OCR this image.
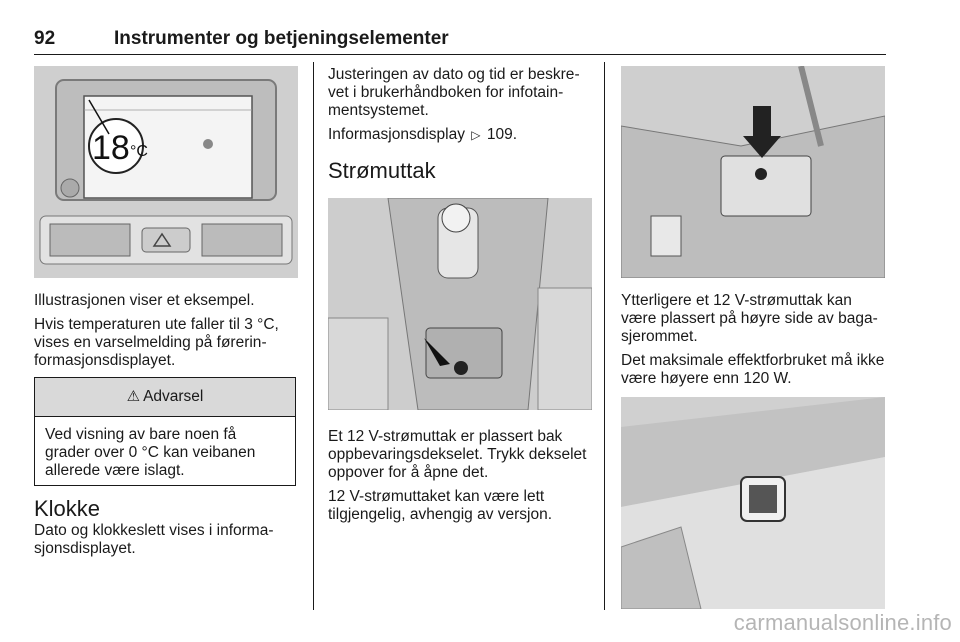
92	Instrumenter og betjeningselementer
18 °C

Illustrasjonen viser et eksempel.

Hvis temperaturen ute faller til 3 °C, vises en varselmelding på førerinformasjonsdisplayet.

⚠ Advarsel
Ved visning av bare noen få grader over 0 °C kan veibanen allerede være islagt.
Klokke

Dato og klokkeslett vises i informasjonsdisplayet.

Justeringen av dato og tid er beskrevet i brukerhåndboken for infotainmentsystemet.

Informasjonsdisplay ▷ 109.

Strømuttak

Et 12 V-strømuttak er plassert bak oppbevaringsdekselet. Trykk dekselet oppover for å åpne det.

12 V-strømuttaket kan være lett tilgjengelig, avhengig av versjon.

Ytterligere et 12 V-strømuttak kan være plassert på høyre side av bagasjerommet.

Det maksimale effektforbruket må ikke være høyere enn 120 W.

carmanualsonline.info
